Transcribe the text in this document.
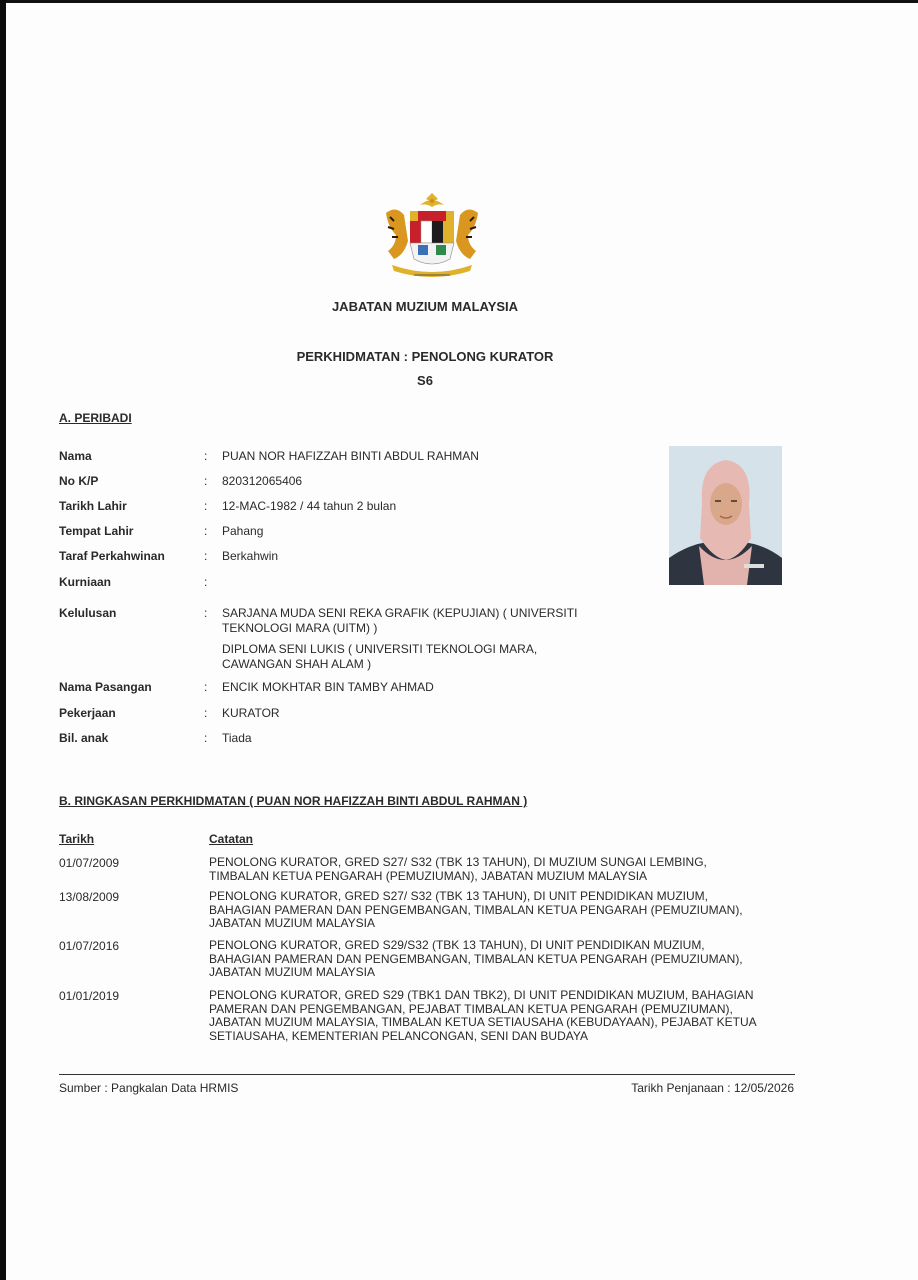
JABATAN MUZIUM MALAYSIA
PERKHIDMATAN : PENOLONG KURATOR
S6
A. PERIBADI
Nama	: PUAN NOR HAFIZZAH BINTI ABDUL RAHMAN
No K/P	: 820312065406
Tarikh Lahir	: 12-MAC-1982 / 44 tahun 2 bulan
Tempat Lahir	: Pahang
Taraf Perkahwinan	: Berkahwin
Kurniaan	:
Kelulusan	: SARJANA MUDA SENI REKA GRAFIK (KEPUJIAN) ( UNIVERSITI TEKNOLOGI MARA (UITM) )
DIPLOMA SENI LUKIS ( UNIVERSITI TEKNOLOGI MARA, CAWANGAN SHAH ALAM )
Nama Pasangan	: ENCIK MOKHTAR BIN TAMBY AHMAD
Pekerjaan	: KURATOR
Bil. anak	: Tiada
B. RINGKASAN PERKHIDMATAN ( PUAN NOR HAFIZZAH BINTI ABDUL RAHMAN )
Tarikh	Catatan
01/07/2009	PENOLONG KURATOR, GRED S27/ S32 (TBK 13 TAHUN), DI MUZIUM SUNGAI LEMBING, TIMBALAN KETUA PENGARAH (PEMUZIUMAN), JABATAN MUZIUM MALAYSIA
13/08/2009	PENOLONG KURATOR, GRED S27/ S32 (TBK 13 TAHUN), DI UNIT PENDIDIKAN MUZIUM, BAHAGIAN PAMERAN DAN PENGEMBANGAN, TIMBALAN KETUA PENGARAH (PEMUZIUMAN), JABATAN MUZIUM MALAYSIA
01/07/2016	PENOLONG KURATOR, GRED S29/S32 (TBK 13 TAHUN), DI UNIT PENDIDIKAN MUZIUM, BAHAGIAN PAMERAN DAN PENGEMBANGAN, TIMBALAN KETUA PENGARAH (PEMUZIUMAN), JABATAN MUZIUM MALAYSIA
01/01/2019	PENOLONG KURATOR, GRED S29 (TBK1 DAN TBK2), DI UNIT PENDIDIKAN MUZIUM, BAHAGIAN PAMERAN DAN PENGEMBANGAN, PEJABAT TIMBALAN KETUA PENGARAH (PEMUZIUMAN), JABATAN MUZIUM MALAYSIA, TIMBALAN KETUA SETIAUSAHA (KEBUDAYAAN), PEJABAT KETUA SETIAUSAHA, KEMENTERIAN PELANCONGAN, SENI DAN BUDAYA
Sumber : Pangkalan Data HRMIS	Tarikh Penjanaan : 12/05/2026
